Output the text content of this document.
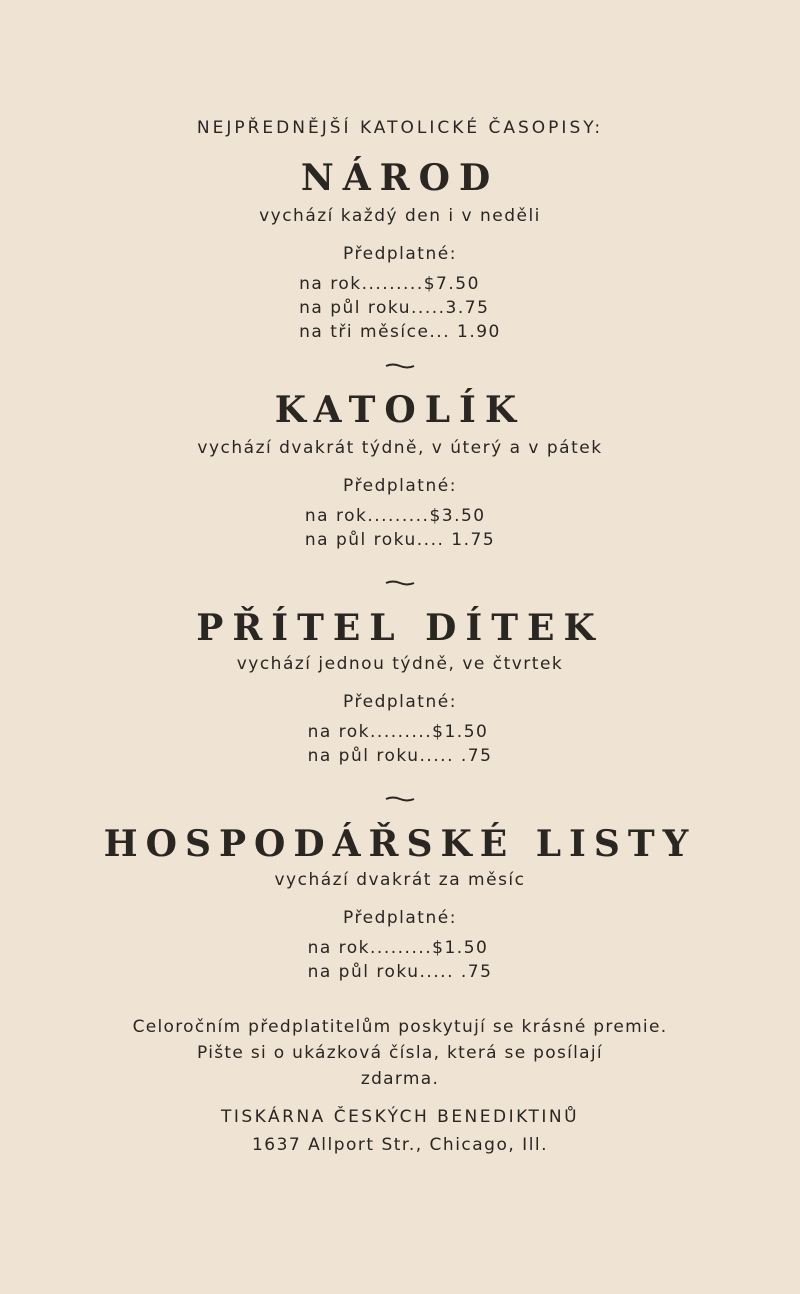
NEJPŘEDNĚJŠÍ KATOLICKÉ ČASOPISY:
NÁROD
vychází každý den i v neděli
Předplatné:
na rok.........$7.50
na půl roku.....3.75
na tři měsíce... 1.90
KATOLÍK
vychází dvakrát týdně, v úterý a v pátek
Předplatné:
na rok.........$3.50
na půl roku.... 1.75
PŘÍTEL DÍTEK
vychází jednou týdně, ve čtvrtek
Předplatné:
na rok.........$1.50
na půl roku..... .75
HOSPODÁŘSKÉ LISTY
vychází dvakrát za měsíc
Předplatné:
na rok.........$1.50
na půl roku..... .75
Celoročním předplatitelům poskytují se krásné premie.
Pište si o ukázková čísla, která se posílají
zdarma.
TISKÁRNA ČESKÝCH BENEDIKTINŮ
1637 Allport Str., Chicago, Ill.
